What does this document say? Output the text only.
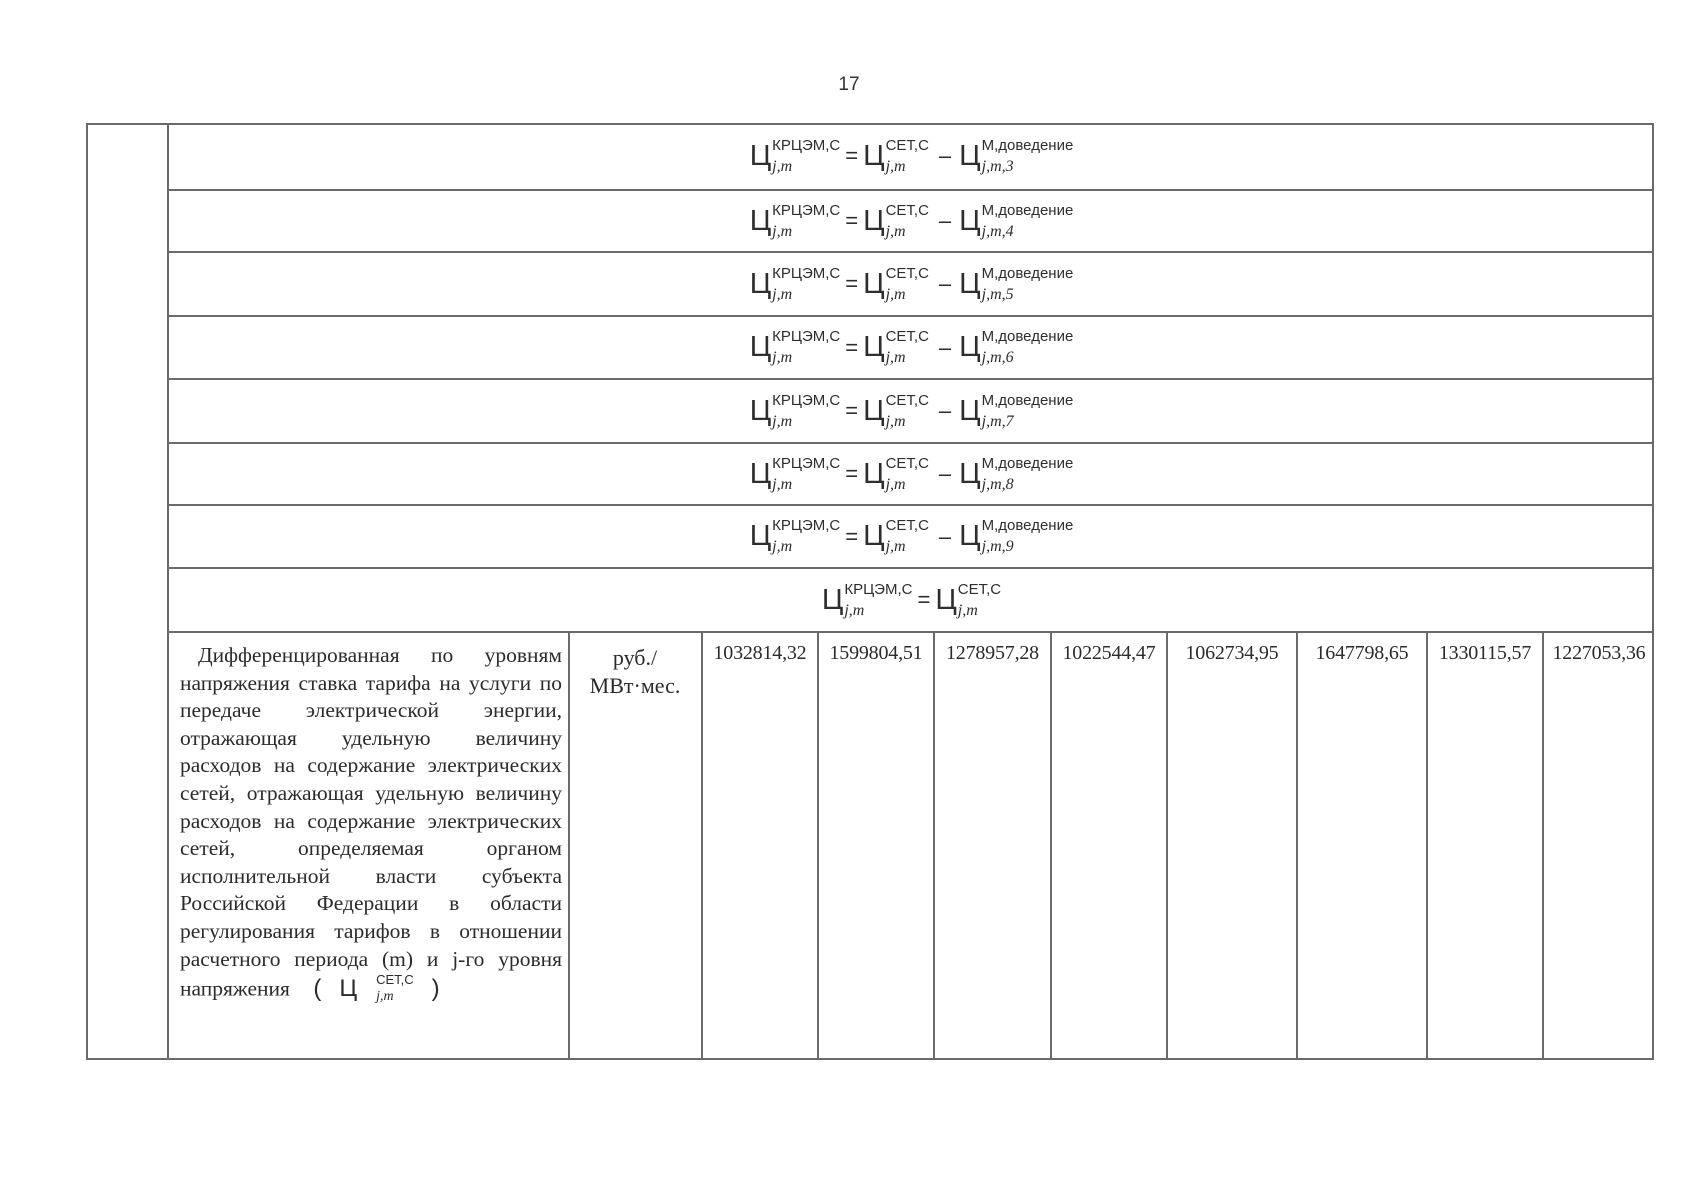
17
Ц КРЦЭМ,С
j,m	= Ц СЕТ,С
j,m	– Ц М,доведение
j,m,3
Ц КРЦЭМ,С
j,m	= Ц СЕТ,С
j,m	– Ц М,доведение
j,m,4
Ц КРЦЭМ,С
j,m	= Ц СЕТ,С
j,m	– Ц М,доведение
j,m,5
Ц КРЦЭМ,С
j,m	= Ц СЕТ,С
j,m	– Ц М,доведение
j,m,6
Ц КРЦЭМ,С
j,m	= Ц СЕТ,С
j,m	– Ц М,доведение
j,m,7
Ц КРЦЭМ,С
j,m	= Ц СЕТ,С
j,m	– Ц М,доведение
j,m,8
Ц КРЦЭМ,С
j,m	= Ц СЕТ,С
j,m	– Ц М,доведение
j,m,9
Ц КРЦЭМ,С
j,m	= Ц СЕТ,С
j,m
Дифференцированная по уровням напряжения ставка тарифа на услуги по передаче электрической энергии, отражающая удельную величину расходов на содержание электрических сетей, отражающая удельную величину расходов на содержание электрических сетей, определяемая органом исполнительной власти субъекта Российской Федерации в области регулирования тарифов в отношении расчетного периода (m) и j-го уровня напряжения ( Ц	СЕТ,С
j,m	)
руб./
МВт·мес.
1032814,32	1599804,51	1278957,28	1022544,47	1062734,95	1647798,65	1330115,57	1227053,36
